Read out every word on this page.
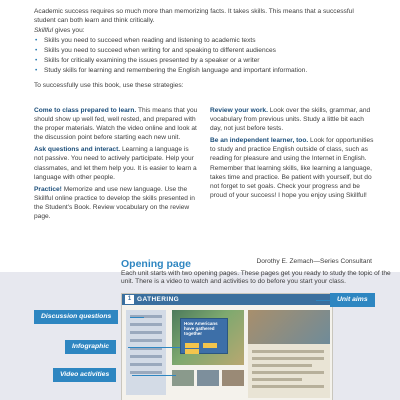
Academic success requires so much more than memorizing facts. It takes skills. This means that a successful student can both learn and think critically.

Skillful gives you:

• Skills you need to succeed when reading and listening to academic texts
• Skills you need to succeed when writing for and speaking to different audiences
• Skills for critically examining the issues presented by a speaker or a writer
• Study skills for learning and remembering the English language and important information.

To successfully use this book, use these strategies:

Come to class prepared to learn. This means that you should show up well fed, well rested, and prepared with the proper materials. Watch the video online and look at the discussion point before starting each new unit.

Ask questions and interact. Learning a language is not passive. You need to actively participate. Help your classmates, and let them help you. It is easier to learn a language with other people.

Practice! Memorize and use new language. Use the Skillful online practice to develop the skills presented in the Student's Book. Review vocabulary on the review page.

Review your work. Look over the skills, grammar, and vocabulary from previous units. Study a little bit each day, not just before tests.

Be an independent learner, too. Look for opportunities to study and practice English outside of class, such as reading for pleasure and using the Internet in English. Remember that learning skills, like learning a language, takes time and practice. Be patient with yourself, but do not forget to set goals. Check your progress and be proud of your success! I hope you enjoy using Skillful!

Dorothy E. Zemach—Series Consultant
Opening page
Each unit starts with two opening pages. These pages get you ready to study the topic of the unit. There is a video to watch and activities to do before you start your class.
1 GATHERING
How Americans have gathered together
Discussion questions
Infographic
Video activities
Unit aims
